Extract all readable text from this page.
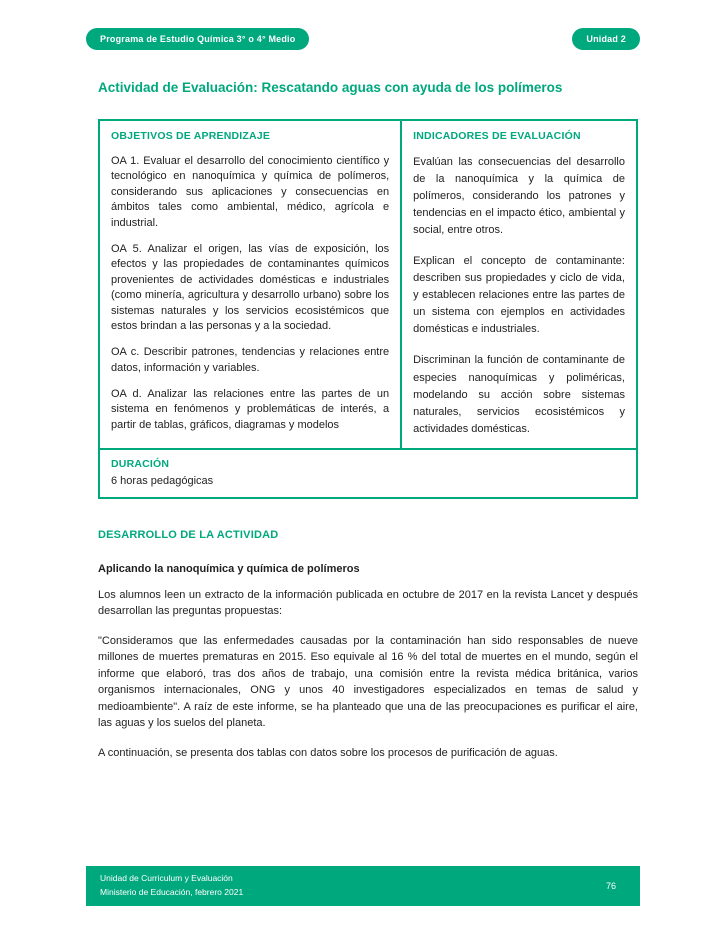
Programa de Estudio Química 3° o 4° Medio	Unidad 2
Actividad de Evaluación: Rescatando aguas con ayuda de los polímeros
OBJETIVOS DE APRENDIZAJE

OA 1. Evaluar el desarrollo del conocimiento científico y tecnológico en nanoquímica y química de polímeros, considerando sus aplicaciones y consecuencias en ámbitos tales como ambiental, médico, agrícola e industrial.

OA 5. Analizar el origen, las vías de exposición, los efectos y las propiedades de contaminantes químicos provenientes de actividades domésticas e industriales (como minería, agricultura y desarrollo urbano) sobre los sistemas naturales y los servicios ecosistémicos que estos brindan a las personas y a la sociedad.

OA c. Describir patrones, tendencias y relaciones entre datos, información y variables.

OA d. Analizar las relaciones entre las partes de un sistema en fenómenos y problemáticas de interés, a partir de tablas, gráficos, diagramas y modelos

INDICADORES DE EVALUACIÓN

Evalúan las consecuencias del desarrollo de la nanoquímica y la química de polímeros, considerando los patrones y tendencias en el impacto ético, ambiental y social, entre otros.

Explican el concepto de contaminante: describen sus propiedades y ciclo de vida, y establecen relaciones entre las partes de un sistema con ejemplos en actividades domésticas e industriales.

Discriminan la función de contaminante de especies nanoquímicas y poliméricas, modelando su acción sobre sistemas naturales, servicios ecosistémicos y actividades domésticas.

DURACIÓN

6 horas pedagógicas

DESARROLLO DE LA ACTIVIDAD
Aplicando la nanoquímica y química de polímeros

Los alumnos leen un extracto de la información publicada en octubre de 2017 en la revista Lancet y después desarrollan las preguntas propuestas:

"Consideramos que las enfermedades causadas por la contaminación han sido responsables de nueve millones de muertes prematuras en 2015. Eso equivale al 16 % del total de muertes en el mundo, según el informe que elaboró, tras dos años de trabajo, una comisión entre la revista médica británica, varios organismos internacionales, ONG y unos 40 investigadores especializados en temas de salud y medioambiente". A raíz de este informe, se ha planteado que una de las preocupaciones es purificar el aire, las aguas y los suelos del planeta.

A continuación, se presenta dos tablas con datos sobre los procesos de purificación de aguas.

Unidad de Curriculum y Evaluación
Ministerio de Educación, febrero 2021
76
